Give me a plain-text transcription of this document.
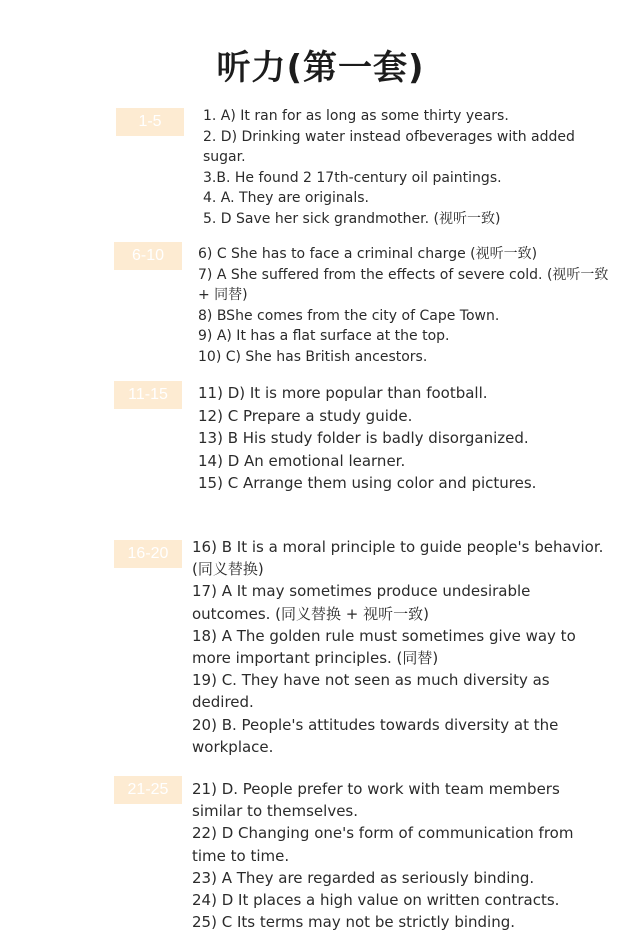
听力(第一套)
1-5	1. A) It ran for as long as some thirty years.
2. D) Drinking water instead ofbeverages with added sugar.
3.B. He found 2 17th-century oil paintings.
4. A. They are originals.
5. D Save her sick grandmother. (视听一致)
6-10	6) C She has to face a criminal charge (视听一致)
7) A She suffered from the effects of severe cold. (视听一致 + 同替)
8) BShe comes from the city of Cape Town.
9) A) It has a flat surface at the top.
10) C) She has British ancestors.
11-15	11) D) It is more popular than football.
12) C Prepare a study guide.
13) B His study folder is badly disorganized.
14) D An emotional learner.
15) C Arrange them using color and pictures.
16-20	16) B It is a moral principle to guide people's behavior. (同义替换)
17) A It may sometimes produce undesirable outcomes. (同义替换 + 视听一致)
18) A The golden rule must sometimes give way to more important principles. (同替)
19) C. They have not seen as much diversity as dedired.
20) B. People's attitudes towards diversity at the workplace.
21-25	21) D. People prefer to work with team members similar to themselves.
22) D Changing one's form of communication from time to time.
23) A They are regarded as seriously binding.
24) D It places a high value on written contracts.
25) C Its terms may not be strictly binding.
